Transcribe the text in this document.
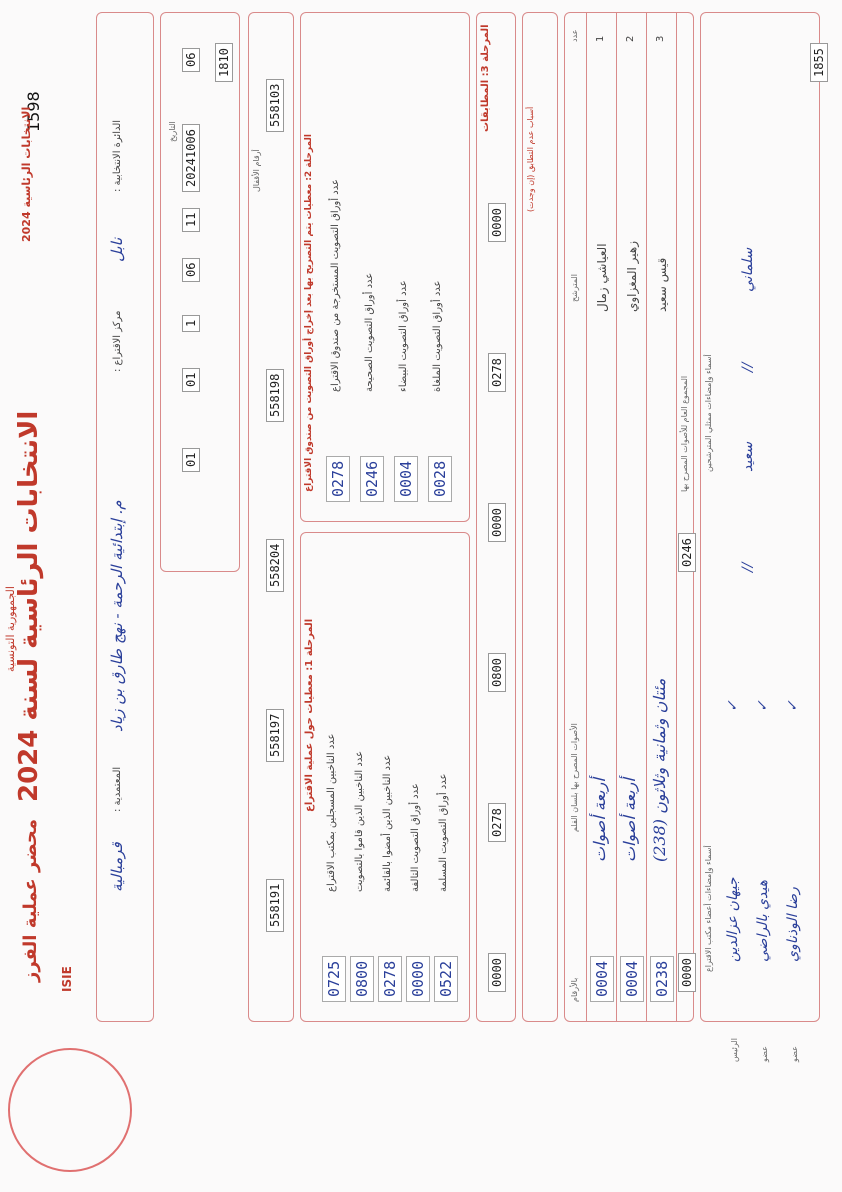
الانتخابات الرئاسية لسنة 2024
الجمهورية التونسية
محضر عملية الفرز
1598
الانتخابات الرئاسية 2024
ISIE
مركز الاقتراع :
م. إبتدائية الرحمة - نهج طارق بن زياد
المعتمدية :
قرمبالية
الدائرة الانتخابية :
نابل
التاريخ 20241006
06
11
06
1
01
01
1810
أرقام الأقفال
558191
558197
558204
558198
558103
المرحلة 1: معطيات حول عملية الاقتراع
عدد الناخبين المسجلين بمكتب الاقتراع
0725
عدد الناخبين الذين قاموا بالتصويت
0800
عدد الناخبين الذين أمضوا بالقائمة
0278
عدد أوراق التصويت التالفة
0000
عدد أوراق التصويت المسلمة
0522
المرحلة 2: معطيات يتم التصريح بها بعد إخراج أوراق التصويت من صندوق الاقتراع
عدد أوراق التصويت المستخرجة من صندوق الاقتراع
0278
عدد أوراق التصويت الصحيحة
0246
عدد أوراق التصويت البيضاء
0004
عدد أوراق التصويت الملغاة
0028
المرحلة 3: المطابقات
0000
0278
0800
0000
0278
0000
أسباب عدم التطابق (إن وجدت)
عدد
المترشح
الأصوات المصرح بها بلسان القلم
بالأرقام
1
العياشي زمال
أربعة أصوات
0004
2
زهير المغزاوي
أربعة أصوات
0004
3
قيس سعيد
مئتان وثمانية وثلاثون (238)
0238
المجموع العام للأصوات المصرح بها
0246
0000
أسماء وإمضاءات ممثلي المترشحين
أسماء وإمضاءات أعضاء مكتب الاقتراع
الرئيس
جيهان عزالدين
✓
عضو
هيدي بالراضي
✓
عضو
رضا الوذناوي
✓
سعيد
//
سلماني
//
1855
